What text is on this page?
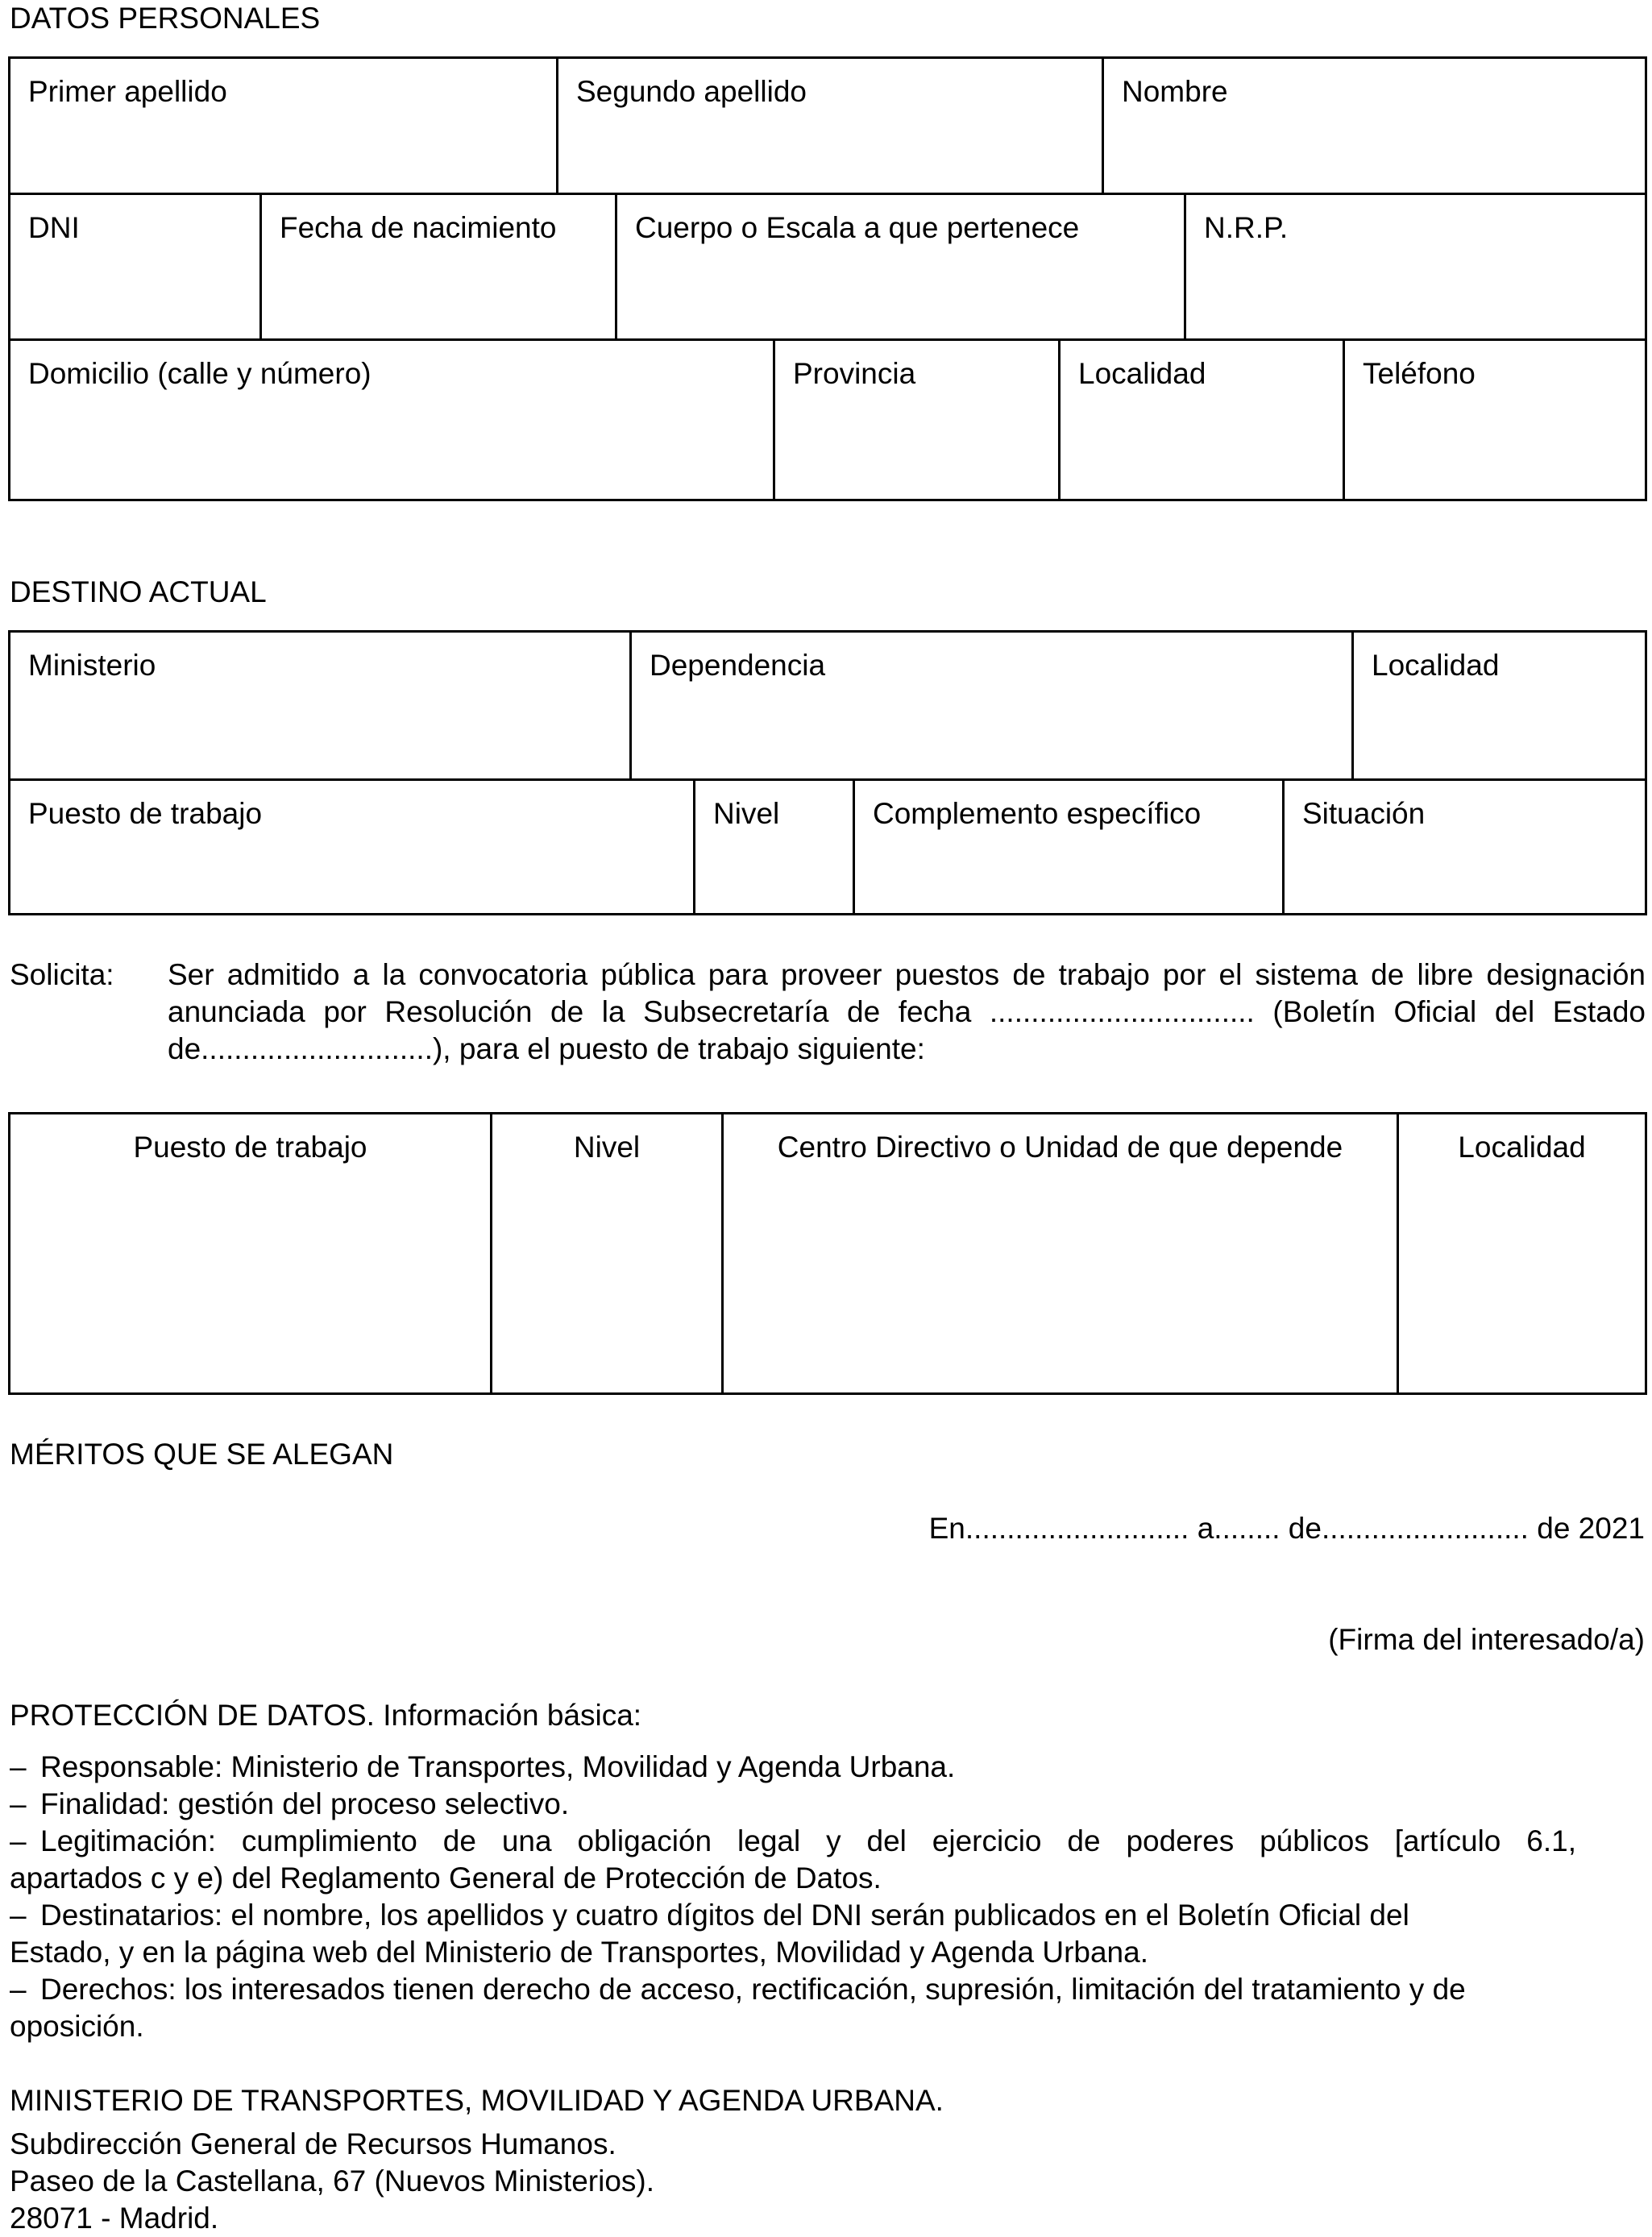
DATOS PERSONALES
Primer apellido	Segundo apellido	Nombre
DNI	Fecha de nacimiento	Cuerpo o Escala a que pertenece	N.R.P.
Domicilio (calle y número)	Provincia	Localidad	Teléfono
DESTINO ACTUAL
Ministerio	Dependencia	Localidad
Puesto de trabajo	Nivel	Complemento específico	Situación
Solicita: Ser admitido a la convocatoria pública para proveer puestos de trabajo por el sistema de libre designación
anunciada por Resolución de la Subsecretaría de fecha ................................ (Boletín Oficial del Estado
de............................), para el puesto de trabajo siguiente:
Puesto de trabajo	Nivel	Centro Directivo o Unidad de que depende	Localidad
MÉRITOS QUE SE ALEGAN
En........................... a........ de......................... de 2021
(Firma del interesado/a)
PROTECCIÓN DE DATOS. Información básica:
– Responsable: Ministerio de Transportes, Movilidad y Agenda Urbana.
– Finalidad: gestión del proceso selectivo.
– Legitimación: cumplimiento de una obligación legal y del ejercicio de poderes públicos [artículo 6.1,
apartados c y e) del Reglamento General de Protección de Datos.
– Destinatarios: el nombre, los apellidos y cuatro dígitos del DNI serán publicados en el Boletín Oficial del
Estado, y en la página web del Ministerio de Transportes, Movilidad y Agenda Urbana.
– Derechos: los interesados tienen derecho de acceso, rectificación, supresión, limitación del tratamiento y de
oposición.
MINISTERIO DE TRANSPORTES, MOVILIDAD Y AGENDA URBANA.
Subdirección General de Recursos Humanos.
Paseo de la Castellana, 67 (Nuevos Ministerios).
28071 - Madrid.
